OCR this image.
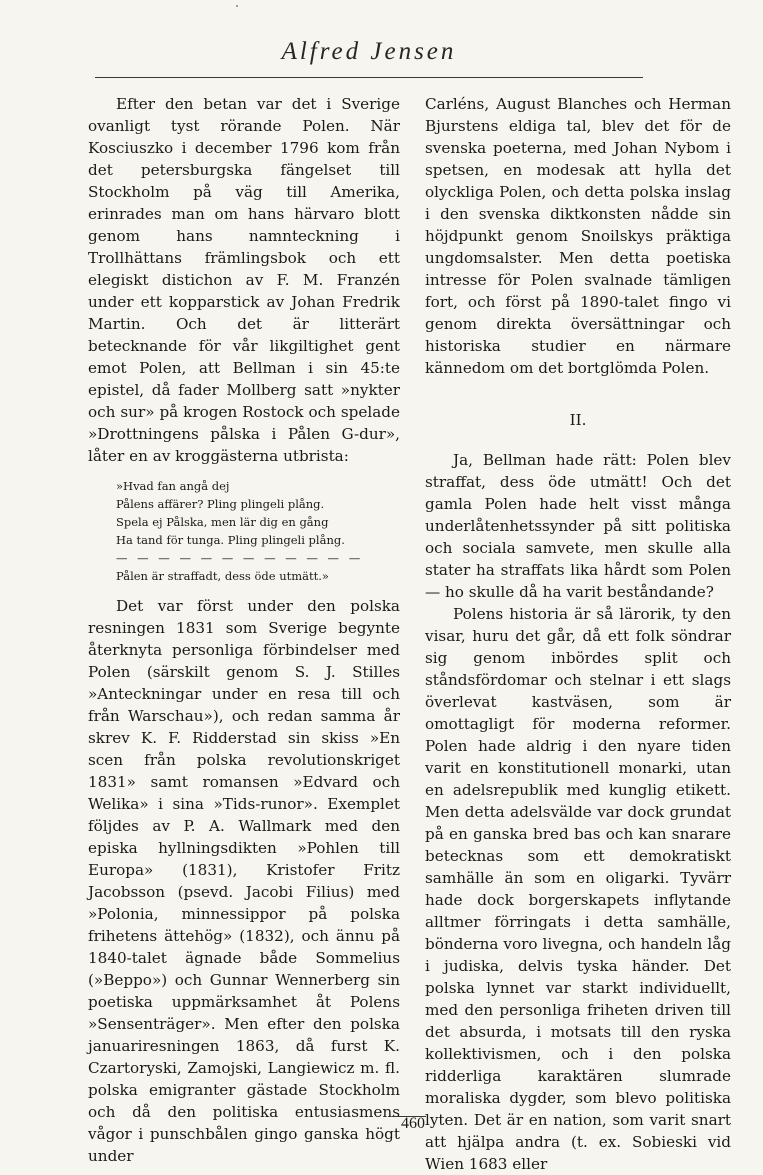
Alfred Jensen

Efter den betan var det i Sverige ovanligt tyst rörande Polen. När Kosciuszko i december 1796 kom från det petersburgska fängelset till Stockholm på väg till Amerika, erinrades man om hans härvaro blott genom hans namnteckning i Trollhättans främlingsbok och ett elegiskt distichon av F. M. Franzén under ett kopparstick av Johan Fredrik Martin. Och det är litterärt betecknande för vår likgiltighet gent emot Polen, att Bellman i sin 45:te epistel, då fader Mollberg satt »nykter och sur» på krogen Rostock och spelade »Drottningens pålska i Pålen G-dur», låter en av kroggästerna utbrista:

»Hvad fan angå dej
Pålens affärer? Pling plingeli plång.
Spela ej Pålska, men lär dig en gång
Ha tand för tunga. Pling plingeli plång.
— — — — — — — — — — — —
Pålen är straffadt, dess öde utmätt.»

Det var först under den polska resningen 1831 som Sverige begynte återknyta personliga förbindelser med Polen (särskilt genom S. J. Stilles »Anteckningar under en resa till och från Warschau»), och redan samma år skrev K. F. Ridderstad sin skiss »En scen från polska revolutionskriget 1831» samt romansen »Edvard och Welika» i sina »Tids-runor». Exemplet följdes av P. A. Wallmark med den episka hyllningsdikten »Pohlen till Europa» (1831), Kristofer Fritz Jacobsson (psevd. Jacobi Filius) med »Polonia, minnessippor på polska frihetens ättehög» (1832), och ännu på 1840-talet ägnade både Sommelius (»Beppo») och Gunnar Wennerberg sin poetiska uppmärksamhet åt Polens »Sensenträger». Men efter den polska januariresningen 1863, då furst K. Czartoryski, Zamojski, Langiewicz m. fl. polska emigranter gästade Stockholm och då den politiska entusiasmens vågor i punschbålen gingo ganska högt under

Carléns, August Blanches och Herman Bjurstens eldiga tal, blev det för de svenska poeterna, med Johan Nybom i spetsen, en modesak att hylla det olyckliga Polen, och detta polska inslag i den svenska diktkonsten nådde sin höjdpunkt genom Snoilskys präktiga ungdomsalster. Men detta poetiska intresse för Polen svalnade tämligen fort, och först på 1890-talet fingo vi genom direkta översättningar och historiska studier en närmare kännedom om det bortglömda Polen.

II.

Ja, Bellman hade rätt: Polen blev straffat, dess öde utmätt! Och det gamla Polen hade helt visst många underlåtenhetssynder på sitt politiska och sociala samvete, men skulle alla stater ha straffats lika hårdt som Polen — ho skulle då ha varit beståndande?

Polens historia är så lärorik, ty den visar, huru det går, då ett folk söndrar sig genom inbördes split och ståndsfördomar och stelnar i ett slags överlevat kastväsen, som är omottagligt för moderna reformer. Polen hade aldrig i den nyare tiden varit en konstitutionell monarki, utan en adelsrepublik med kunglig etikett. Men detta adelsvälde var dock grundat på en ganska bred bas och kan snarare betecknas som ett demokratiskt samhälle än som en oligarki. Tyvärr hade dock borgerskapets inflytande alltmer förringats i detta samhälle, bönderna voro livegna, och handeln låg i judiska, delvis tyska händer. Det polska lynnet var starkt individuellt, med den personliga friheten driven till det absurda, i motsats till den ryska kollektivismen, och i den polska ridderliga karaktären slumrade moraliska dygder, som blevo politiska lyten. Det är en nation, som varit snart att hjälpa andra (t. ex. Sobieski vid Wien 1683 eller

460
